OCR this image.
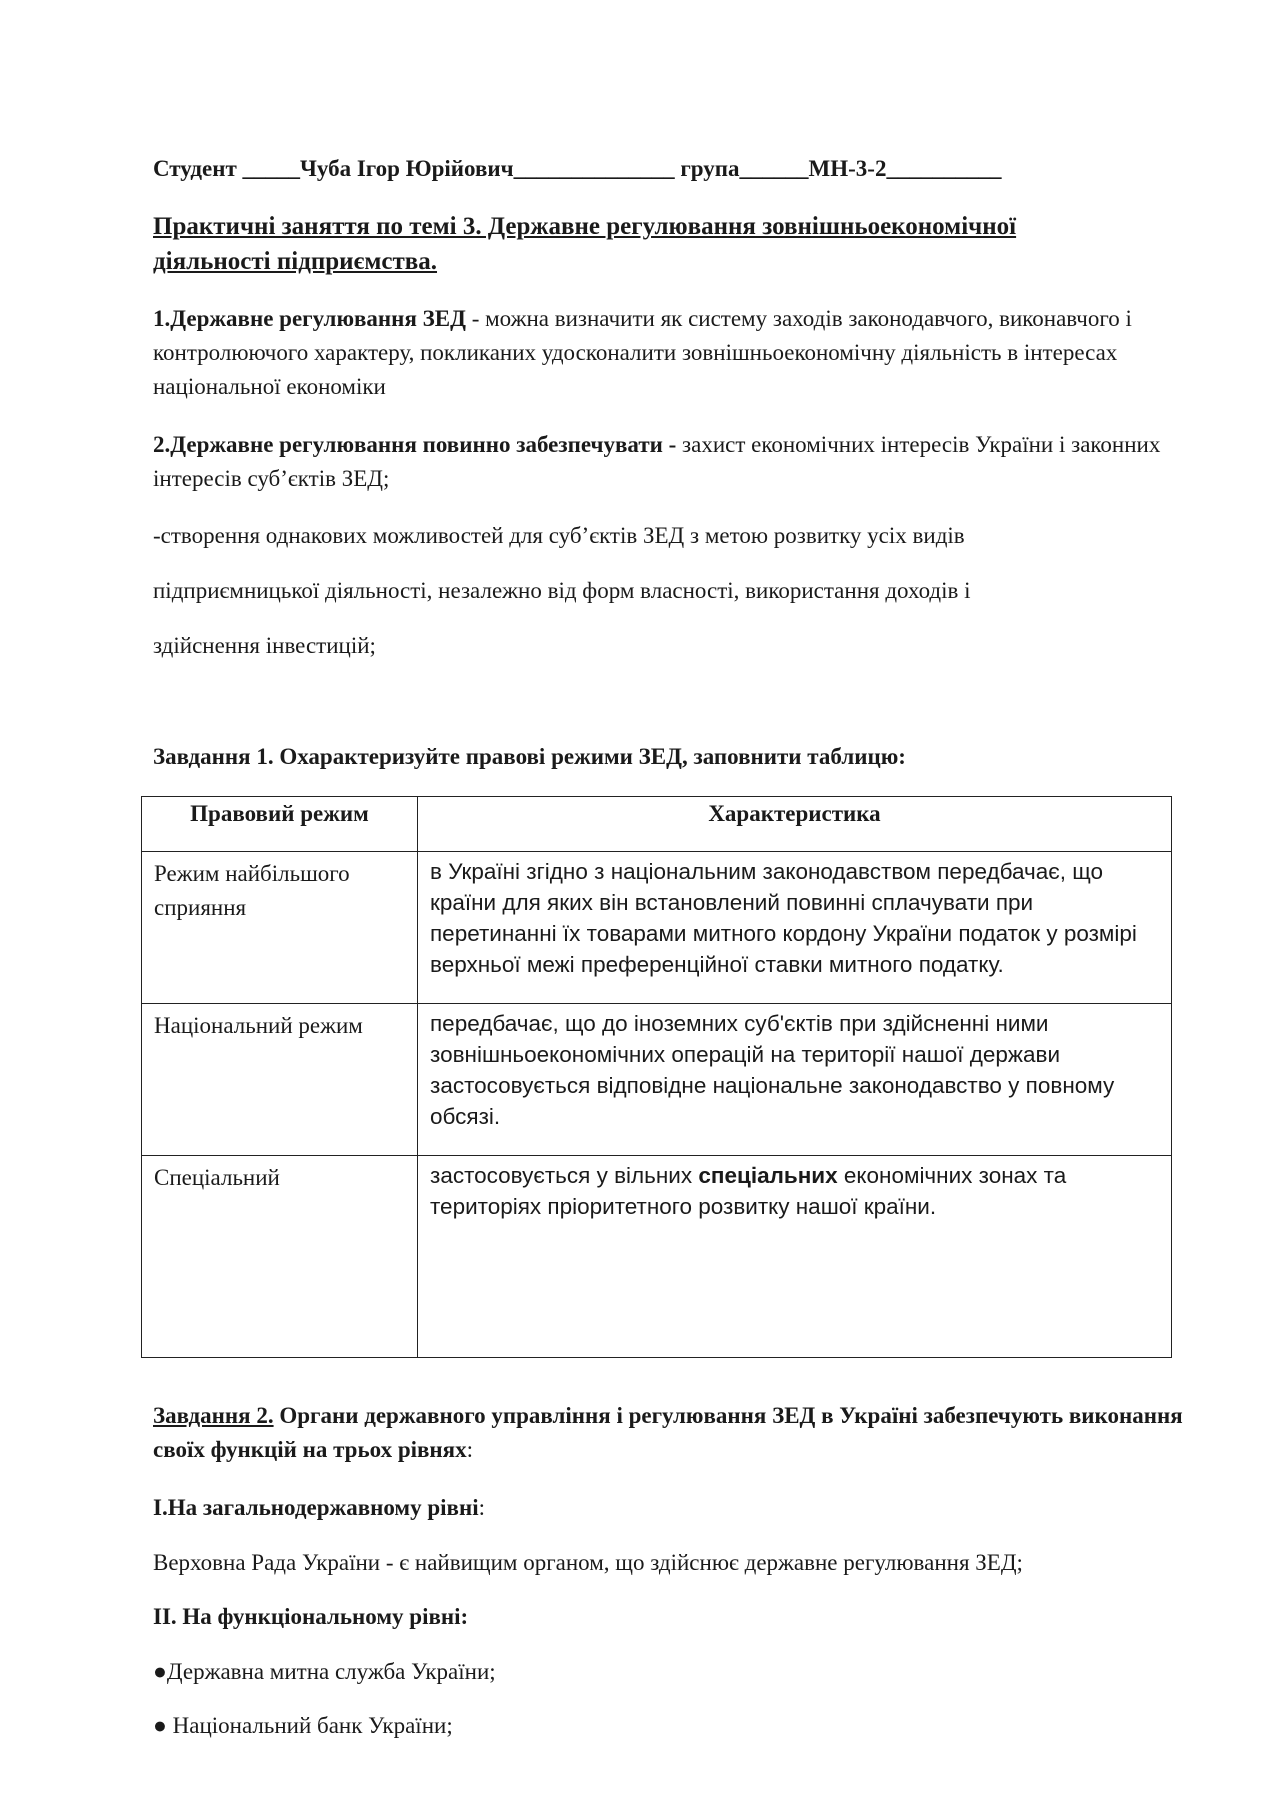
Студент _____Чуба Ігор Юрійович______________ група______МН-3-2__________
Практичні заняття по темі 3. Державне регулювання зовнішньоекономічної
діяльності підприємства.

1.Державне регулювання ЗЕД - можна визначити як систему заходів законодавчого, виконавчого і контролюючого характеру, покликаних удосконалити зовнішньоекономічну діяльність в інтересах національної економіки

2.Державне регулювання повинно забезпечувати - захист економічних інтересів України і законних інтересів суб’єктів ЗЕД;

-створення однакових можливостей для суб’єктів ЗЕД з метою розвитку усіх видів

підприємницької діяльності, незалежно від форм власності, використання доходів і

здійснення інвестицій;

Завдання 1. Охарактеризуйте правові режими ЗЕД, заповнити таблицю:

Правовий режим	Характеристика
Режим найбільшого сприяння	в Україні згідно з національним законодавством передбачає, що країни для яких він встановлений повинні сплачувати при перетинанні їх товарами митного кордону України податок у розмірі верхньої межі преференційної ставки митного податку.
Національний режим	передбачає, що до іноземних суб'єктів при здійсненні ними зовнішньоекономічних операцій на території нашої держави застосовується відповідне національне законодавство у повному обсязі.
Спеціальний	застосовується у вільних спеціальних економічних зонах та територіях пріоритетного розвитку нашої країни.

Завдання 2. Органи державного управління і регулювання ЗЕД в Україні забезпечують виконання своїх функцій на трьох рівнях:

І.На загальнодержавному рівні:

Верховна Рада України - є найвищим органом, що здійснює державне регулювання ЗЕД;

ІІ. На функціональному рівні:

●Державна митна служба України;

● Національний банк України;
